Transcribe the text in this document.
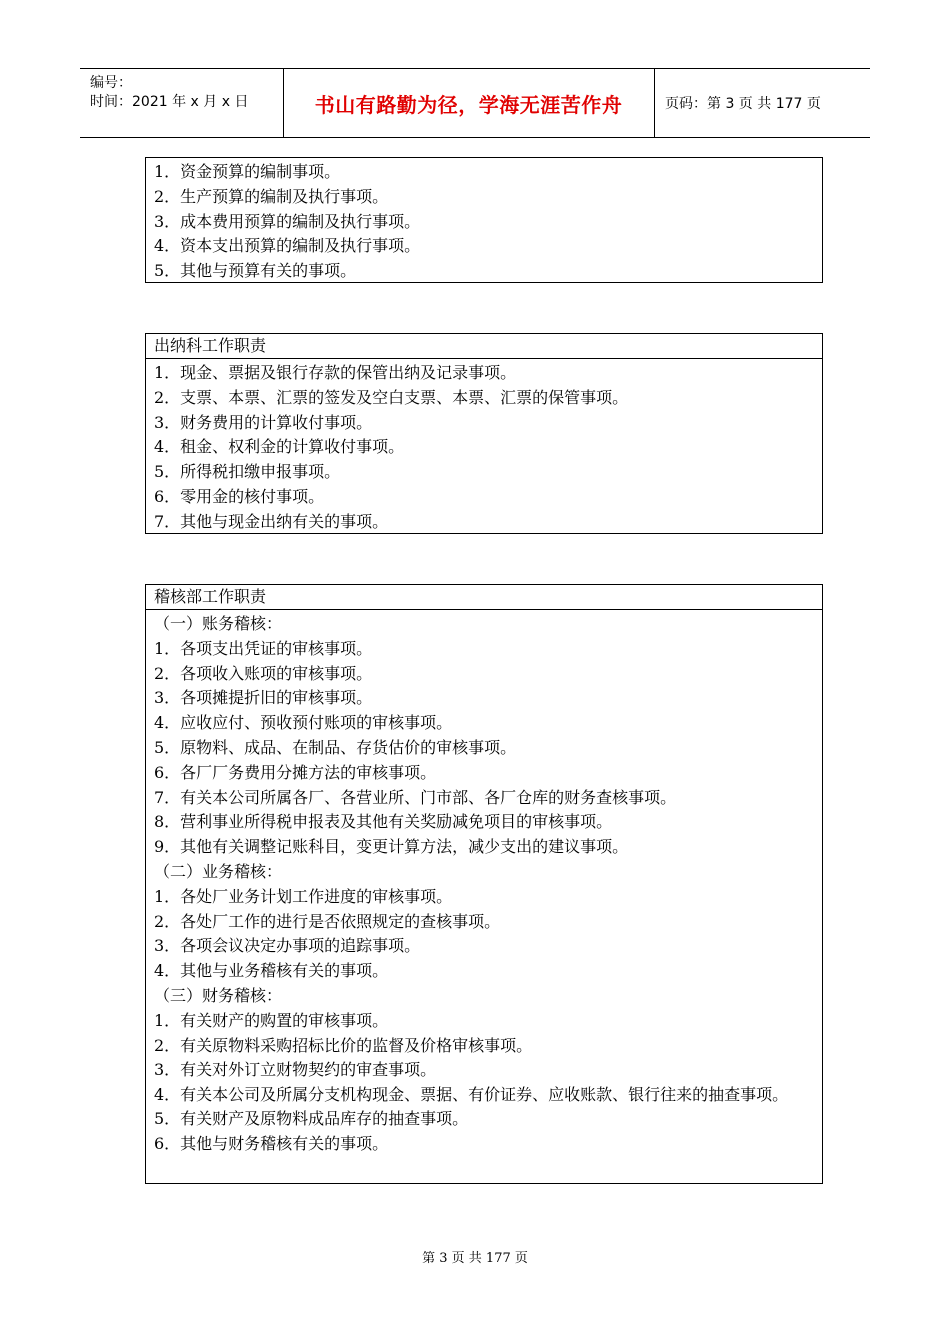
编号：
时间：2021 年 x 月 x 日	书山有路勤为径，学海无涯苦作舟	页码：第 3 页 共 177 页
1．资金预算的编制事项。
2．生产预算的编制及执行事项。
3．成本费用预算的编制及执行事项。
4．资本支出预算的编制及执行事项。
5．其他与预算有关的事项。
出纳科工作职责
1．现金、票据及银行存款的保管出纳及记录事项。
2．支票、本票、汇票的签发及空白支票、本票、汇票的保管事项。
3．财务费用的计算收付事项。
4．租金、权利金的计算收付事项。
5．所得税扣缴申报事项。
6．零用金的核付事项。
7．其他与现金出纳有关的事项。
稽核部工作职责
（一）账务稽核：
1．各项支出凭证的审核事项。
2．各项收入账项的审核事项。
3．各项摊提折旧的审核事项。
4．应收应付、预收预付账项的审核事项。
5．原物料、成品、在制品、存货估价的审核事项。
6．各厂厂务费用分摊方法的审核事项。
7．有关本公司所属各厂、各营业所、门市部、各厂仓库的财务查核事项。
8．营利事业所得税申报表及其他有关奖励减免项目的审核事项。
9．其他有关调整记账科目，变更计算方法，减少支出的建议事项。
（二）业务稽核：
1．各处厂业务计划工作进度的审核事项。
2．各处厂工作的进行是否依照规定的查核事项。
3．各项会议决定办事项的追踪事项。
4．其他与业务稽核有关的事项。
（三）财务稽核：
1．有关财产的购置的审核事项。
2．有关原物料采购招标比价的监督及价格审核事项。
3．有关对外订立财物契约的审查事项。
4．有关本公司及所属分支机构现金、票据、有价证券、应收账款、银行往来的抽查事项。
5．有关财产及原物料成品库存的抽查事项。
6．其他与财务稽核有关的事项。
第 3 页 共 177 页
